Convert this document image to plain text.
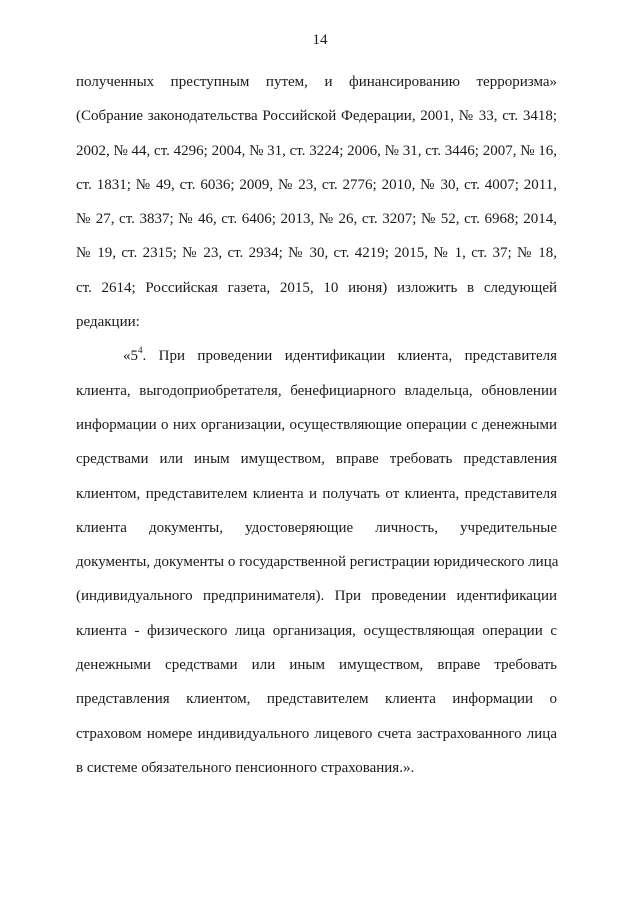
14
полученных преступным путем, и финансированию терроризма»
(Собрание законодательства Российской Федерации, 2001, № 33, ст. 3418;
2002, № 44, ст. 4296; 2004, № 31, ст. 3224; 2006, № 31, ст. 3446; 2007, № 16,
ст. 1831; № 49, ст. 6036; 2009, № 23, ст. 2776; 2010, № 30, ст. 4007; 2011,
№ 27, ст. 3837; № 46, ст. 6406; 2013, № 26, ст. 3207; № 52, ст. 6968; 2014,
№ 19, ст. 2315; № 23, ст. 2934; № 30, ст. 4219; 2015, № 1, ст. 37; № 18,
ст. 2614; Российская газета, 2015, 10 июня) изложить в следующей
редакции:
«$5^4$. При проведении идентификации клиента, представителя
клиента, выгодоприобретателя, бенефициарного владельца, обновлении
информации о них организации, осуществляющие операции с денежными
средствами или иным имуществом, вправе требовать представления
клиентом, представителем клиента и получать от клиента, представителя
клиента документы, удостоверяющие личность, учредительные
документы, документы о государственной регистрации юридического лица
(индивидуального предпринимателя). При проведении идентификации
клиента - физического лица организация, осуществляющая операции с
денежными средствами или иным имуществом, вправе требовать
представления клиентом, представителем клиента информации о
страховом номере индивидуального лицевого счета застрахованного лица
в системе обязательного пенсионного страхования.».
